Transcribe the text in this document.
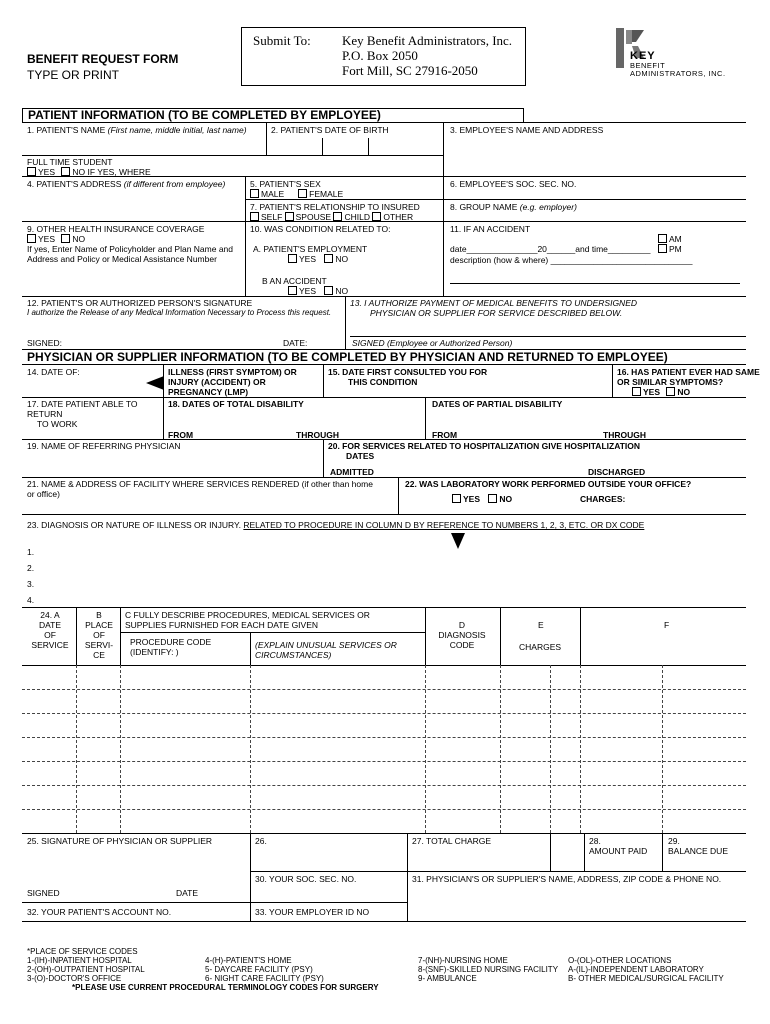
BENEFIT REQUEST FORM
TYPE OR PRINT
Submit To: Key Benefit Administrators, Inc.
P.O. Box 2050
Fort Mill, SC 27916-2050
KEY
BENEFIT
ADMINISTRATORS, INC.
PATIENT INFORMATION (TO BE COMPLETED BY EMPLOYEE)
1. PATIENT'S NAME (First name, middle initial, last name)	2. PATIENT'S DATE OF BIRTH	3. EMPLOYEE'S NAME AND ADDRESS
FULL TIME STUDENT
YES NO IF YES, WHERE
4. PATIENT'S ADDRESS (if different from employee)	5. PATIENT'S SEX
MALE	FEMALE
6. EMPLOYEE'S SOC. SEC. NO.
7. PATIENT'S RELATIONSHIP TO INSURED
SELF SPOUSE CHILD OTHER
8. GROUP NAME (e.g. employer)
9. OTHER HEALTH INSURANCE COVERAGE
YES NO
If yes, Enter Name of Policyholder and Plan Name and Address and Policy or Medical Assistance Number
10. WAS CONDITION RELATED TO:
A. PATIENT'S EMPLOYMENT
YES NO
B AN ACCIDENT
YES NO
11. IF AN ACCIDENT
AM
PM
date_______________20______and time_________
description (how & where) ______________________________
12. PATIENT'S OR AUTHORIZED PERSON'S SIGNATURE
I authorize the Release of any Medical Information Necessary to Process this request.
13. I AUTHORIZE PAYMENT OF MEDICAL BENEFITS TO UNDERSIGNED
PHYSICIAN OR SUPPLIER FOR SERVICE DESCRIBED BELOW.
SIGNED:	DATE:	SIGNED (Employee or Authorized Person)
PHYSICIAN OR SUPPLIER INFORMATION (TO BE COMPLETED BY PHYSICIAN AND RETURNED TO EMPLOYEE)
14. DATE OF:	ILLNESS (FIRST SYMPTOM) OR
INJURY (ACCIDENT) OR
PREGNANCY (LMP)
15. DATE FIRST CONSULTED YOU FOR
THIS CONDITION
16. HAS PATIENT EVER HAD SAME
OR SIMILAR SYMPTOMS?
YES NO
17. DATE PATIENT ABLE TO
RETURN
TO WORK
18. DATES OF TOTAL DISABILITY	DATES OF PARTIAL DISABILITY
FROM	THROUGH	FROM	THROUGH
19. NAME OF REFERRING PHYSICIAN	20. FOR SERVICES RELATED TO HOSPITALIZATION GIVE HOSPITALIZATION
DATES
ADMITTED	DISCHARGED
21. NAME & ADDRESS OF FACILITY WHERE SERVICES RENDERED (if other than home
or office)
22. WAS LABORATORY WORK PERFORMED OUTSIDE YOUR OFFICE?
YES NO	CHARGES:
23. DIAGNOSIS OR NATURE OF ILLNESS OR INJURY. RELATED TO PROCEDURE IN COLUMN D BY REFERENCE TO NUMBERS 1, 2, 3, ETC. OR DX CODE
1.
2.
3.
4.
24. A
DATE
OF
SERVICE
B
PLACE
OF
SERVI-
CE
C FULLY DESCRIBE PROCEDURES, MEDICAL SERVICES OR
SUPPLIES FURNISHED FOR EACH DATE GIVEN
PROCEDURE CODE
(IDENTIFY: )
(EXPLAIN UNUSUAL SERVICES OR
CIRCUMSTANCES)
D
DIAGNOSIS
CODE
E
CHARGES
F
25. SIGNATURE OF PHYSICIAN OR SUPPLIER	26.	27. TOTAL CHARGE	28.
AMOUNT PAID
29.
BALANCE DUE
30. YOUR SOC. SEC. NO.	31. PHYSICIAN'S OR SUPPLIER'S NAME, ADDRESS, ZIP CODE & PHONE NO.
SIGNED	DATE
32. YOUR PATIENT'S ACCOUNT NO.	33. YOUR EMPLOYER ID NO
*PLACE OF SERVICE CODES
1-(IH)-INPATIENT HOSPITAL
2-(OH)-OUTPATIENT HOSPITAL
3-(O)-DOCTOR'S OFFICE
4-(H)-PATIENT'S HOME
5- DAYCARE FACILITY (PSY)
6- NIGHT CARE FACILITY (PSY)
7-(NH)-NURSING HOME
8-(SNF)-SKILLED NURSING FACILITY
9- AMBULANCE
O-(OL)-OTHER LOCATIONS
A-(IL)-INDEPENDENT LABORATORY
B- OTHER MEDICAL/SURGICAL FACILITY
*PLEASE USE CURRENT PROCEDURAL TERMINOLOGY CODES FOR SURGERY
